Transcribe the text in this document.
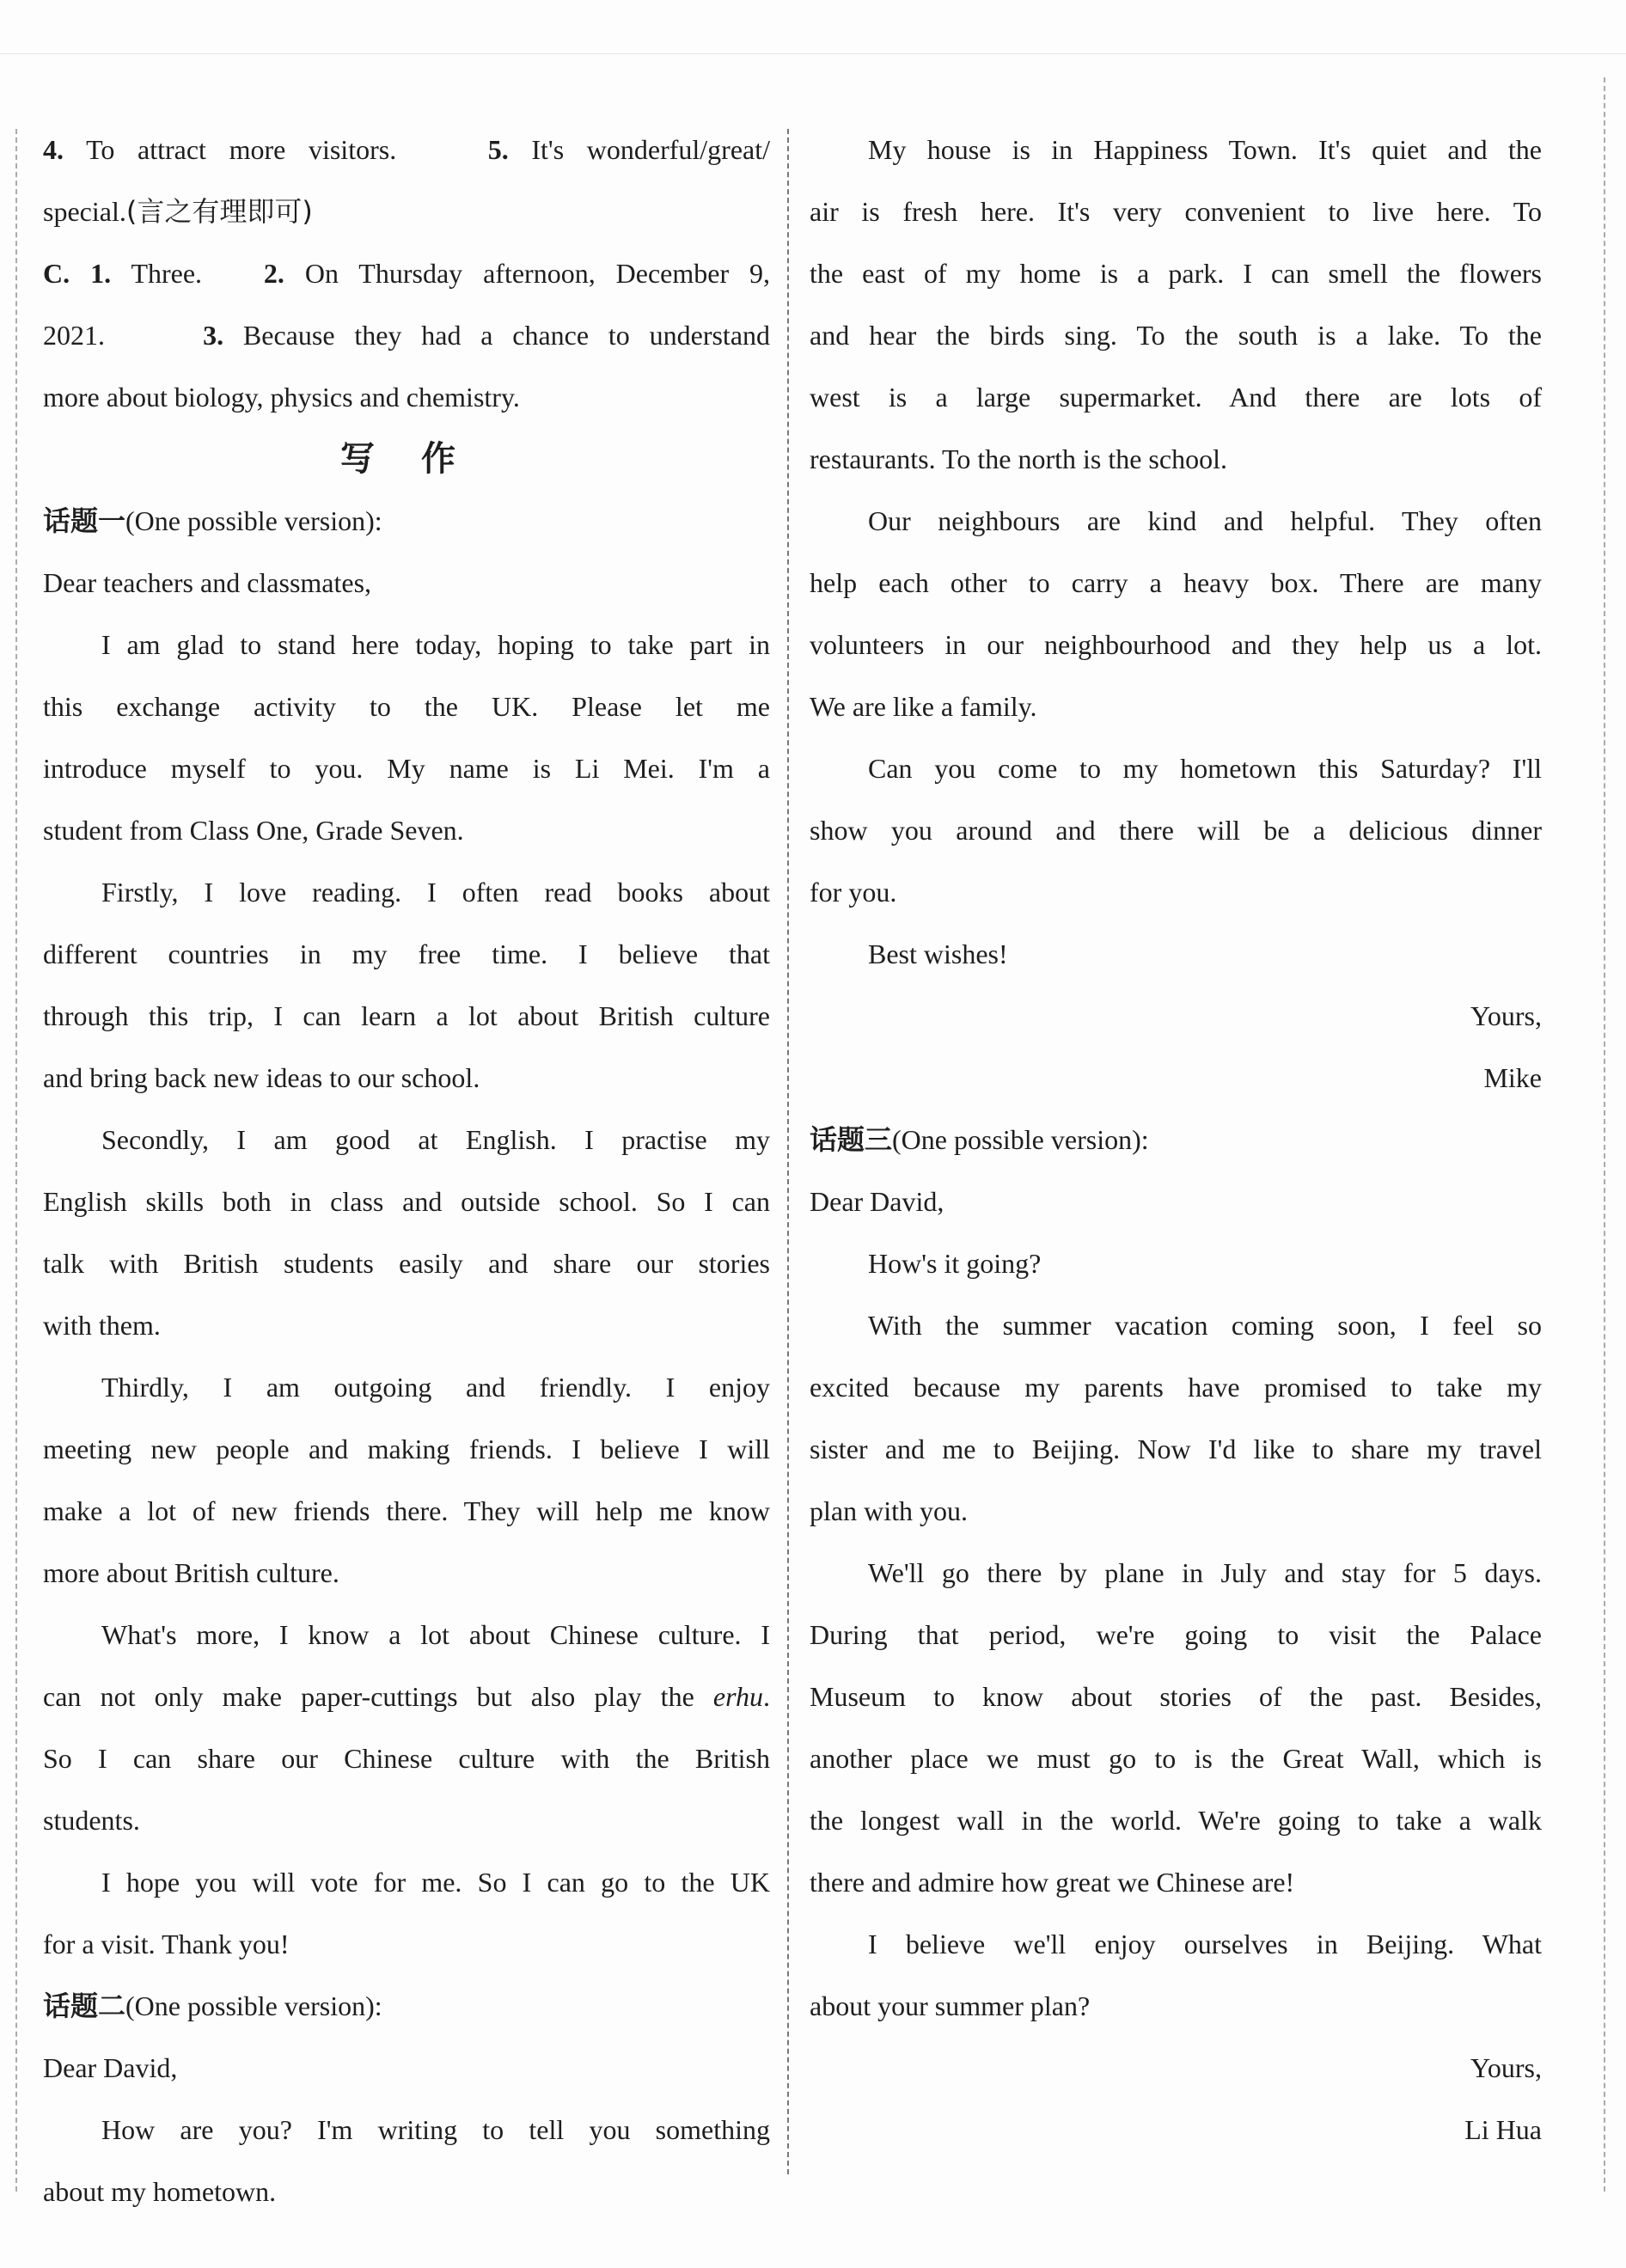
4. To attract more visitors.	5. It's wonderful/great/

special.(言之有理即可)

C. 1. Three. 2. On Thursday afternoon, December 9,

2021.	3. Because they had a chance to understand

more about biology, physics and chemistry.

写 作

话题一(One possible version):

Dear teachers and classmates,

I am glad to stand here today, hoping to take part in

this exchange activity to the UK. Please let me

introduce myself to you. My name is Li Mei. I'm a

student from Class One, Grade Seven.

Firstly, I love reading. I often read books about

different countries in my free time. I believe that

through this trip, I can learn a lot about British culture

and bring back new ideas to our school.

Secondly, I am good at English. I practise my

English skills both in class and outside school. So I can

talk with British students easily and share our stories

with them.

Thirdly, I am outgoing and friendly. I enjoy

meeting new people and making friends. I believe I will

make a lot of new friends there. They will help me know

more about British culture.

What's more, I know a lot about Chinese culture. I

can not only make paper-cuttings but also play the erhu.

So I can share our Chinese culture with the British

students.

I hope you will vote for me. So I can go to the UK

for a visit. Thank you!

话题二(One possible version):

Dear David,

How are you? I'm writing to tell you something

about my hometown.

My house is in Happiness Town. It's quiet and the

air is fresh here. It's very convenient to live here. To

the east of my home is a park. I can smell the flowers

and hear the birds sing. To the south is a lake. To the

west is a large supermarket. And there are lots of

restaurants. To the north is the school.

Our neighbours are kind and helpful. They often

help each other to carry a heavy box. There are many

volunteers in our neighbourhood and they help us a lot.

We are like a family.

Can you come to my hometown this Saturday? I'll

show you around and there will be a delicious dinner

for you.

Best wishes!

Yours,

Mike

话题三(One possible version):

Dear David,

How's it going?

With the summer vacation coming soon, I feel so

excited because my parents have promised to take my

sister and me to Beijing. Now I'd like to share my travel

plan with you.

We'll go there by plane in July and stay for 5 days.

During that period, we're going to visit the Palace

Museum to know about stories of the past. Besides,

another place we must go to is the Great Wall, which is

the longest wall in the world. We're going to take a walk

there and admire how great we Chinese are!

I believe we'll enjoy ourselves in Beijing. What

about your summer plan?

Yours,

Li Hua
